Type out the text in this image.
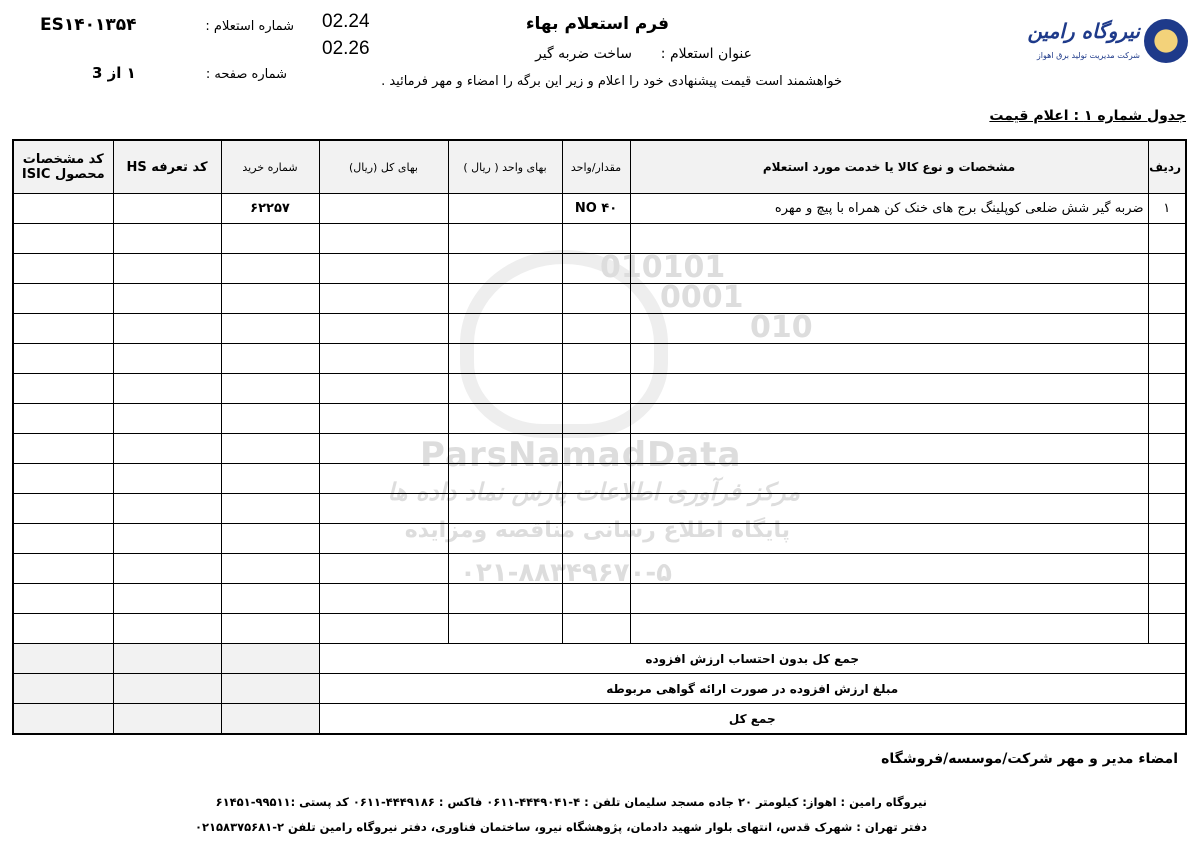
010101
0001
010
ParsNamadData
مرکز فرآوری اطلاعات پارس نماد داده ها
پایگاه اطلاع رسانی مناقصه ومزایده
۰۲۱-۸۸۳۴۹۶۷۰-۵
نیروگاه رامین
شرکت مدیریت تولید برق اهواز
فرم استعلام بهاء
عنوان استعلام :
ساخت ضربه گیر
خواهشمند است قیمت پیشنهادی خود را اعلام و زیر این برگه را امضاء و مهر فرمائید .
02.24
02.26
شماره استعلام :
ES۱۴۰۱۳۵۴
شماره صفحه :
۱ از 3
جدول شماره ۱ : اعلام قیمت
ردیف	مشخصات و نوع کالا یا خدمت مورد استعلام	مقدار/واحد	بهای واحد ( ریال )	بهای کل (ریال)	شماره خرید	کد تعرفه HS	کد مشخصات محصول ISIC
۱	ضربه گیر شش ضلعی کوپلینگ برج های خنک کن همراه با پیچ و مهره	۴۰ NO			۶۲۲۵۷		

جمع کل بدون احتساب ارزش افزوده							
مبلغ ارزش افزوده در صورت ارائه گواهی مربوطه							
جمع کل							
امضاء مدیر و مهر شرکت/موسسه/فروشگاه
نیروگاه رامین : اهواز: کیلومتر ۲۰ جاده مسجد سلیمان تلفن : ۴-۴۴۴۹۰۴۱-۰۶۱۱ فاکس : ۴۴۴۹۱۸۶-۰۶۱۱ کد پستی :۹۹۵۱۱-۶۱۴۵۱
دفتر تهران : شهرک قدس، انتهای بلوار شهید دادمان، پژوهشگاه نیرو، ساختمان فناوری، دفتر نیروگاه رامین تلفن ۲-۰۲۱۵۸۳۷۵۶۸۱
